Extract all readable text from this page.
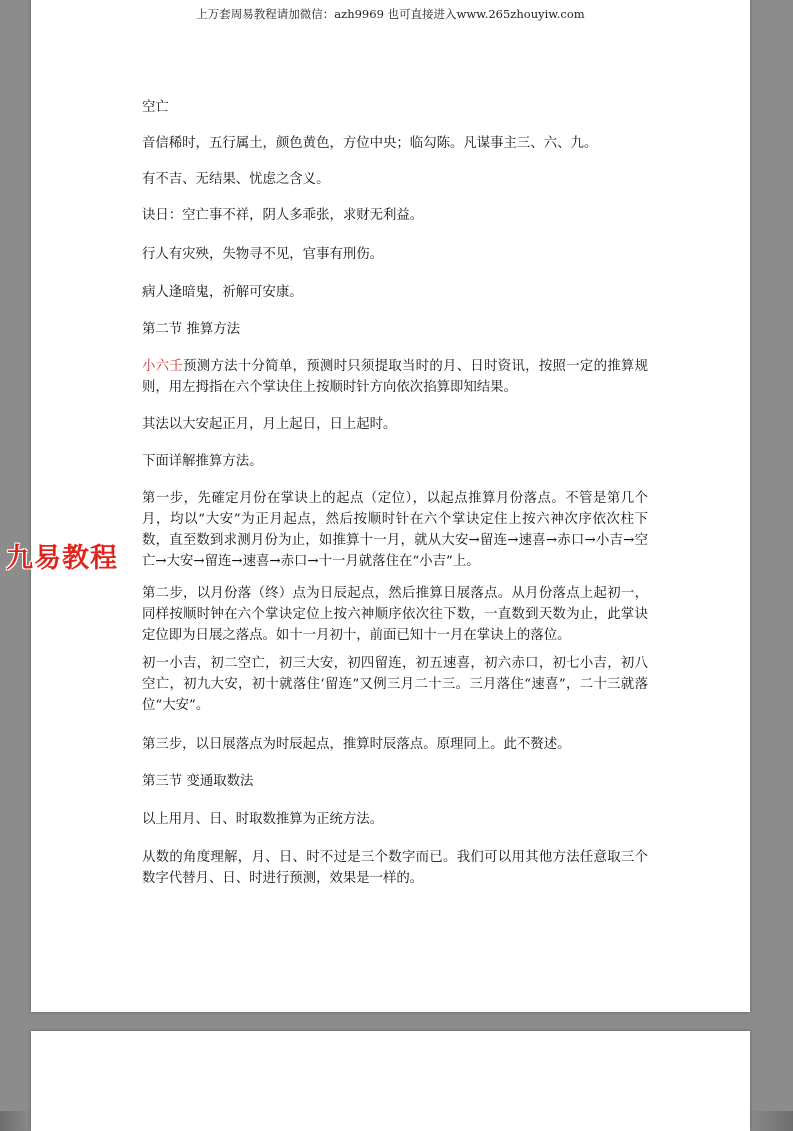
上万套周易教程请加微信：azh9969 也可直接进入www.265zhouyiw.com

空亡

音信稀时，五行属土，颜色黄色，方位中央；临勾陈。凡谋事主三、六、九。

有不吉、无结果、忧虑之含义。

诀日：空亡事不祥，阴人多乖张，求财无利益。

行人有灾殃，失物寻不见，官事有刑伤。

病人逢暗鬼，祈解可安康。

第二节 推算方法

小六壬预测方法十分简单，预测时只须提取当时的月、日时资讯，按照一定的推算规则，用左拇指在六个掌诀住上按顺时针方向依次掐算即知结果。

其法以大安起正月，月上起日，日上起时。

下面详解推算方法。

第一步，先確定月份在掌诀上的起点（定位），以起点推算月份落点。不管是第几个月，均以“大安”为正月起点，然后按顺时针在六个掌诀定住上按六神次序依次柱下数，直至数到求测月份为止，如推算十一月，就从大安→留连→速喜→赤口→小吉→空亡→大安→留连→速喜→赤口→十一月就落住在“小吉”上。

第二步，以月份落（终）点为日辰起点，然后推算日展落点。从月份落点上起初一，同样按顺时钟在六个掌诀定位上按六神顺序依次往下数，一直数到天数为止，此掌诀定位即为日展之落点。如十一月初十，前面已知十一月在掌诀上的落位。

初一小吉，初二空亡，初三大安，初四留连，初五速喜，初六赤口，初七小吉，初八空亡，初九大安，初十就落住‘留连”又例三月二十三。三月落住“速喜”，二十三就落位“大安”。

第三步，以日展落点为时辰起点，推算时辰落点。原理同上。此不赘述。

第三节 变通取数法

以上用月、日、时取数推算为正统方法。

从数的角度理解，月、日、时不过是三个数字而已。我们可以用其他方法任意取三个数字代替月、日、时进行预测，效果是一样的。

九易教程
